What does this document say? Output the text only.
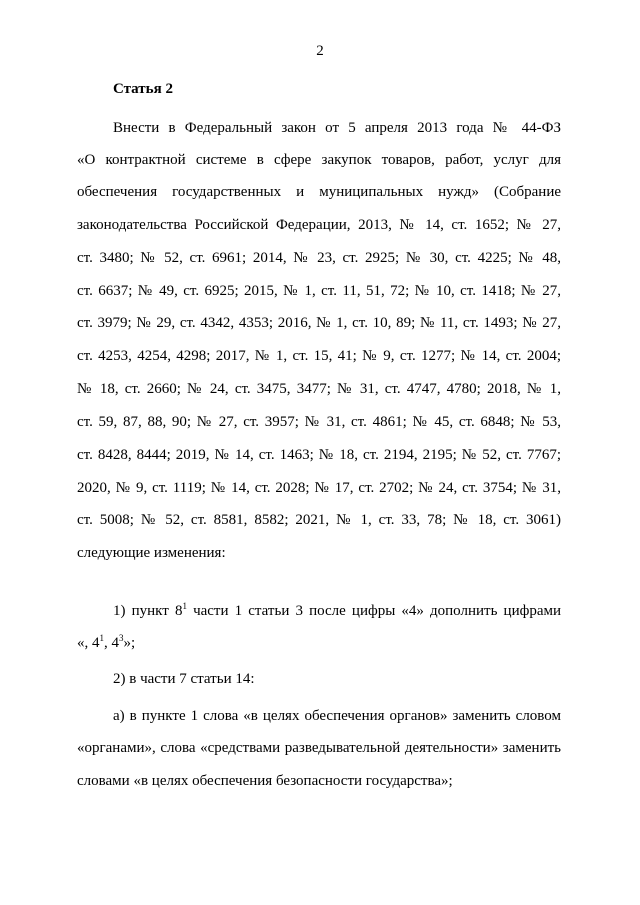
2
Статья 2
Внести в Федеральный закон от 5 апреля 2013 года № 44-ФЗ
«О контрактной системе в сфере закупок товаров, работ, услуг для
обеспечения государственных и муниципальных нужд» (Собрание
законодательства Российской Федерации, 2013, № 14, ст. 1652; № 27,
ст. 3480; № 52, ст. 6961; 2014, № 23, ст. 2925; № 30, ст. 4225; № 48,
ст. 6637; № 49, ст. 6925; 2015, № 1, ст. 11, 51, 72; № 10, ст. 1418; № 27,
ст. 3979; № 29, ст. 4342, 4353; 2016, № 1, ст. 10, 89; № 11, ст. 1493; № 27,
ст. 4253, 4254, 4298; 2017, № 1, ст. 15, 41; № 9, ст. 1277; № 14, ст. 2004;
№ 18, ст. 2660; № 24, ст. 3475, 3477; № 31, ст. 4747, 4780; 2018, № 1,
ст. 59, 87, 88, 90; № 27, ст. 3957; № 31, ст. 4861; № 45, ст. 6848; № 53,
ст. 8428, 8444; 2019, № 14, ст. 1463; № 18, ст. 2194, 2195; № 52, ст. 7767;
2020, № 9, ст. 1119; № 14, ст. 2028; № 17, ст. 2702; № 24, ст. 3754; № 31,
ст. 5008; № 52, ст. 8581, 8582; 2021, № 1, ст. 33, 78; № 18, ст. 3061)
следующие изменения:
1) пункт $8^1$ части 1 статьи 3 после цифры «4» дополнить цифрами
«, $4^1$, $4^3$»;
2) в части 7 статьи 14:
а) в пункте 1 слова «в целях обеспечения органов» заменить словом
«органами», слова «средствами разведывательной деятельности» заменить
словами «в целях обеспечения безопасности государства»;
